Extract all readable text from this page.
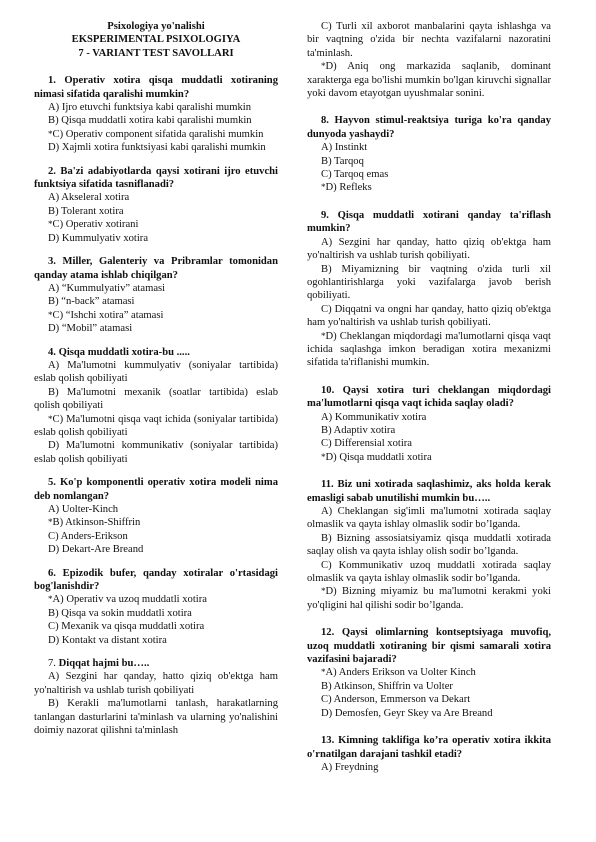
Psixologiya yo'nalishi
EKSPERIMENTAL PSIXOLOGIYA
7 - VARIANT TEST SAVOLLARI
1. Operativ xotira qisqa muddatli xotiraning nimasi sifatida qaralishi mumkin?
A) Ijro etuvchi funktsiya kabi qaralishi mumkin
B) Qisqa muddatli xotira kabi qaralishi mumkin
*C) Operativ component sifatida qaralishi mumkin
D) Xajmli xotira funktsiyasi kabi qaralishi mumkin
2. Ba'zi adabiyotlarda qaysi xotirani ijro etuvchi funktsiya sifatida tasniflanadi?
A) Akseleral xotira
B) Tolerant xotira
*C) Operativ xotirani
D) Kummulyativ xotira
3. Miller, Galenteriy va Pribramlar tomonidan qanday atama ishlab chiqilgan?
A) “Kummulyativ” atamasi
B) “n-back” atamasi
*C) “Ishchi xotira” atamasi
D) “Mobil” atamasi
4. Qisqa muddatli xotira-bu .....
A) Ma'lumotni kummulyativ (soniyalar tartibida) eslab qolish qobiliyati
B) Ma'lumotni mexanik (soatlar tartibida) eslab qolish qobiliyati
*C) Ma'lumotni qisqa vaqt ichida (soniyalar tartibida) eslab qolish qobiliyati
D) Ma'lumotni kommunikativ (soniyalar tartibida) eslab qolish qobiliyati
5. Ko'p komponentli operativ xotira modeli nima deb nomlangan?
A) Uolter-Kinch
*B) Atkinson-Shiffrin
C) Anders-Erikson
D) Dekart-Are Breand
6. Epizodik bufer, qanday xotiralar o'rtasidagi bog'lanishdir?
*A) Operativ va uzoq muddatli xotira
B) Qisqa va sokin muddatli xotira
C) Mexanik va qisqa muddatli xotira
D) Kontakt va distant xotira
7. Diqqat hajmi bu…..
A) Sezgini har qanday, hatto qiziq ob'ektga ham yo'naltirish va ushlab turish qobiliyati
B) Kerakli ma'lumotlarni tanlash, harakatlarning tanlangan dasturlarini ta'minlash va ularning yo'nalishini doimiy nazorat qilishni ta'minlash
C) Turli xil axborot manbalarini qayta ishlashga va bir vaqtning o'zida bir nechta vazifalarni nazoratini ta'minlash.
*D) Aniq ong markazida saqlanib, dominant xarakterga ega bo'lishi mumkin bo'lgan kiruvchi signallar yoki davom etayotgan uyushmalar sonini.
8. Hayvon stimul-reaktsiya turiga ko'ra qanday dunyoda yashaydi?
A) Instinkt
B) Tarqoq
C) Tarqoq emas
*D) Refleks
9. Qisqa muddatli xotirani qanday ta'riflash mumkin?
A) Sezgini har qanday, hatto qiziq ob'ektga ham yo'naltirish va ushlab turish qobiliyati.
B) Miyamizning bir vaqtning o'zida turli xil ogohlantirishlarga yoki vazifalarga javob berish qobiliyati.
C) Diqqatni va ongni har qanday, hatto qiziq ob'ektga ham yo'naltirish va ushlab turish qobiliyati.
*D) Cheklangan miqdordagi ma'lumotlarni qisqa vaqt ichida saqlashga imkon beradigan xotira mexanizmi sifatida ta'riflanishi mumkin.
10. Qaysi xotira turi cheklangan miqdordagi ma'lumotlarni qisqa vaqt ichida saqlay oladi?
A) Kommunikativ xotira
B) Adaptiv xotira
C) Differensial xotira
*D) Qisqa muddatli xotira
11. Biz uni xotirada saqlashimiz, aks holda kerak emasligi sabab unutilishi mumkin bu…..
A) Cheklangan sig'imli ma'lumotni xotirada saqlay olmaslik va qayta ishlay olmaslik sodir bo’lganda.
B) Bizning assosiatsiyamiz qisqa muddatli xotirada saqlay olish va qayta ishlay olish sodir bo’lganda.
C) Kommunikativ uzoq muddatli xotirada saqlay olmaslik va qayta ishlay olmaslik sodir bo’lganda.
*D) Bizning miyamiz bu ma'lumotni kerakmi yoki yo'qligini hal qilishi sodir bo’lganda.
12. Qaysi olimlarning kontseptsiyaga muvofiq, uzoq muddatli xotiraning bir qismi samarali xotira vazifasini bajaradi?
*A) Anders Erikson va Uolter Kinch
B) Atkinson, Shiffrin va Uolter
C) Anderson, Emmerson va Dekart
D) Demosfen, Geyr Skey va Are Breand
13. Kimning taklifiga ko’ra operativ xotira ikkita o'rnatilgan darajani tashkil etadi?
A) Freydning
